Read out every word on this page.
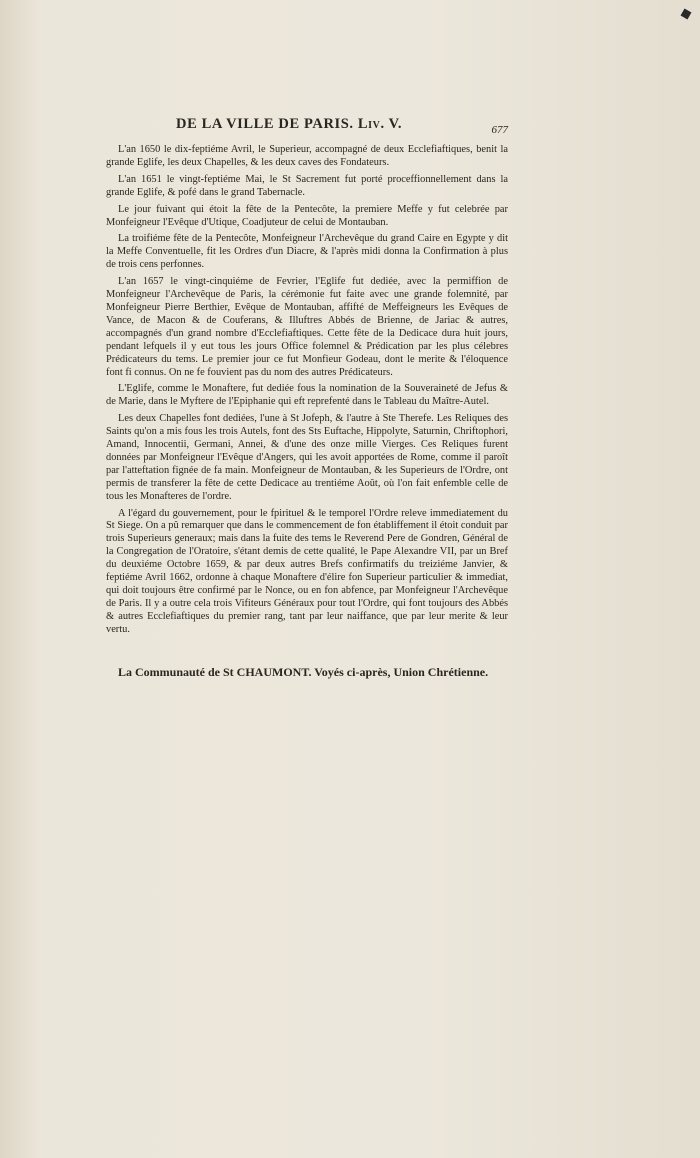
DE LA VILLE DE PARIS. Liv. V.	677

L'an 1650 le dix-feptiéme Avril, le Superieur, accompagné de deux Ecclefiaftiques, benit la grande Eglife, les deux Chapelles, & les deux caves des Fondateurs.

L'an 1651 le vingt-feptiéme Mai, le St Sacrement fut porté proceffionnellement dans la grande Eglife, & pofé dans le grand Tabernacle.

Le jour fuivant qui étoit la fête de la Pentecôte, la premiere Meffe y fut celebrée par Monfeigneur l'Evêque d'Utique, Coadjuteur de celui de Montauban.

La troifiéme fête de la Pentecôte, Monfeigneur l'Archevêque du grand Caire en Egypte y dit la Meffe Conventuelle, fit les Ordres d'un Diacre, & l'après midi donna la Confirmation à plus de trois cens perfonnes.

L'an 1657 le vingt-cinquiéme de Fevrier, l'Eglife fut dediée, avec la permiffion de Monfeigneur l'Archevêque de Paris, la cérémonie fut faite avec une grande folemnité, par Monfeigneur Pierre Berthier, Evêque de Montauban, affifté de Meffeigneurs les Evêques de Vance, de Macon & de Couferans, & Illuftres Abbés de Brienne, de Jariac & autres, accompagnés d'un grand nombre d'Ecclefiaftiques. Cette fête de la Dedicace dura huit jours, pendant lefquels il y eut tous les jours Office folemnel & Prédication par les plus célebres Prédicateurs du tems. Le premier jour ce fut Monfieur Godeau, dont le merite & l'éloquence font fi connus. On ne fe fouvient pas du nom des autres Prédicateurs.

L'Eglife, comme le Monaftere, fut dediée fous la nomination de la Souveraineté de Jefus & de Marie, dans le Myftere de l'Epiphanie qui eft reprefenté dans le Tableau du Maître-Autel.

Les deux Chapelles font dediées, l'une à St Jofeph, & l'autre à Ste Therefe. Les Reliques des Saints qu'on a mis fous les trois Autels, font des Sts Euftache, Hippolyte, Saturnin, Chriftophori, Amand, Innocentii, Germani, Annei, & d'une des onze mille Vierges. Ces Reliques furent données par Monfeigneur l'Evêque d'Angers, qui les avoit apportées de Rome, comme il paroît par l'atteftation fignée de fa main. Monfeigneur de Montauban, & les Superieurs de l'Ordre, ont permis de transferer la fête de cette Dedicace au trentiéme Août, où l'on fait enfemble celle de tous les Monafteres de l'ordre.

A l'égard du gouvernement, pour le fpirituel & le temporel l'Ordre releve immediatement du St Siege. On a pû remarquer que dans le commencement de fon établiffement il étoit conduit par trois Superieurs generaux; mais dans la fuite des tems le Reverend Pere de Gondren, Général de la Congregation de l'Oratoire, s'étant demis de cette qualité, le Pape Alexandre VII, par un Bref du deuxiéme Octobre 1659, & par deux autres Brefs confirmatifs du treiziéme Janvier, & feptiéme Avril 1662, ordonne à chaque Monaftere d'élire fon Superieur particulier & immediat, qui doit toujours être confirmé par le Nonce, ou en fon abfence, par Monfeigneur l'Archevêque de Paris. Il y a outre cela trois Vifiteurs Généraux pour tout l'Ordre, qui font toujours des Abbés & autres Ecclefiaftiques du premier rang, tant par leur naiffance, que par leur merite & leur vertu.

La Communauté de St CHAUMONT. Voyés ci-après, Union Chrétienne.
